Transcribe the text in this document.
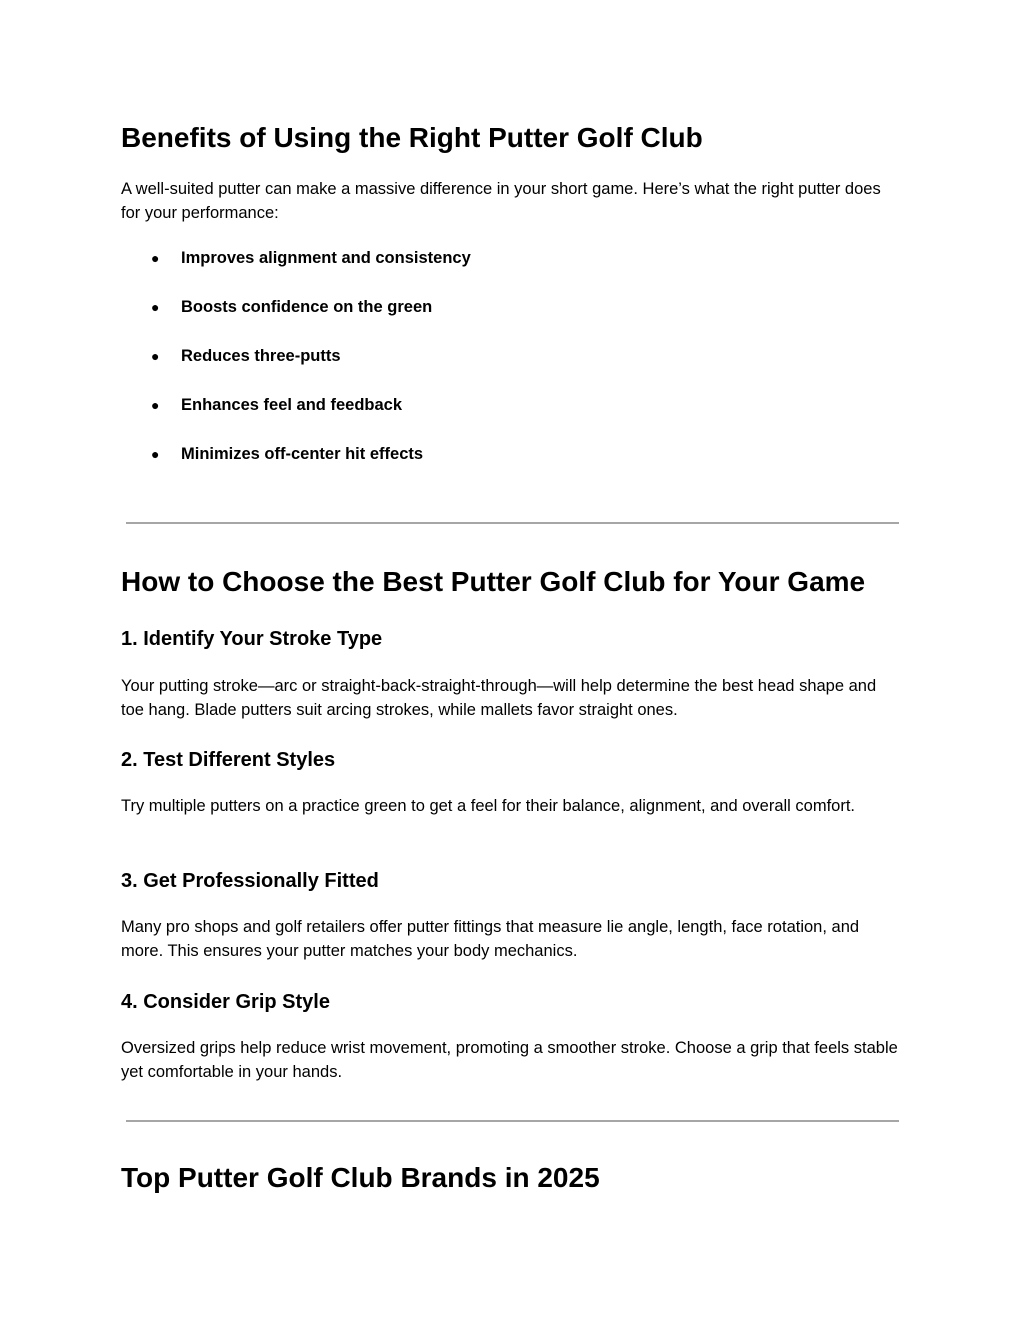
Benefits of Using the Right Putter Golf Club

A well-suited putter can make a massive difference in your short game. Here’s what the right putter does for your performance:

● Improves alignment and consistency
● Boosts confidence on the green
● Reduces three-putts
● Enhances feel and feedback
● Minimizes off-center hit effects
How to Choose the Best Putter Golf Club for Your Game
1. Identify Your Stroke Type

Your putting stroke—arc or straight-back-straight-through—will help determine the best head shape and toe hang. Blade putters suit arcing strokes, while mallets favor straight ones.

2. Test Different Styles

Try multiple putters on a practice green to get a feel for their balance, alignment, and overall comfort.

3. Get Professionally Fitted

Many pro shops and golf retailers offer putter fittings that measure lie angle, length, face rotation, and more. This ensures your putter matches your body mechanics.

4. Consider Grip Style

Oversized grips help reduce wrist movement, promoting a smoother stroke. Choose a grip that feels stable yet comfortable in your hands.

Top Putter Golf Club Brands in 2025
